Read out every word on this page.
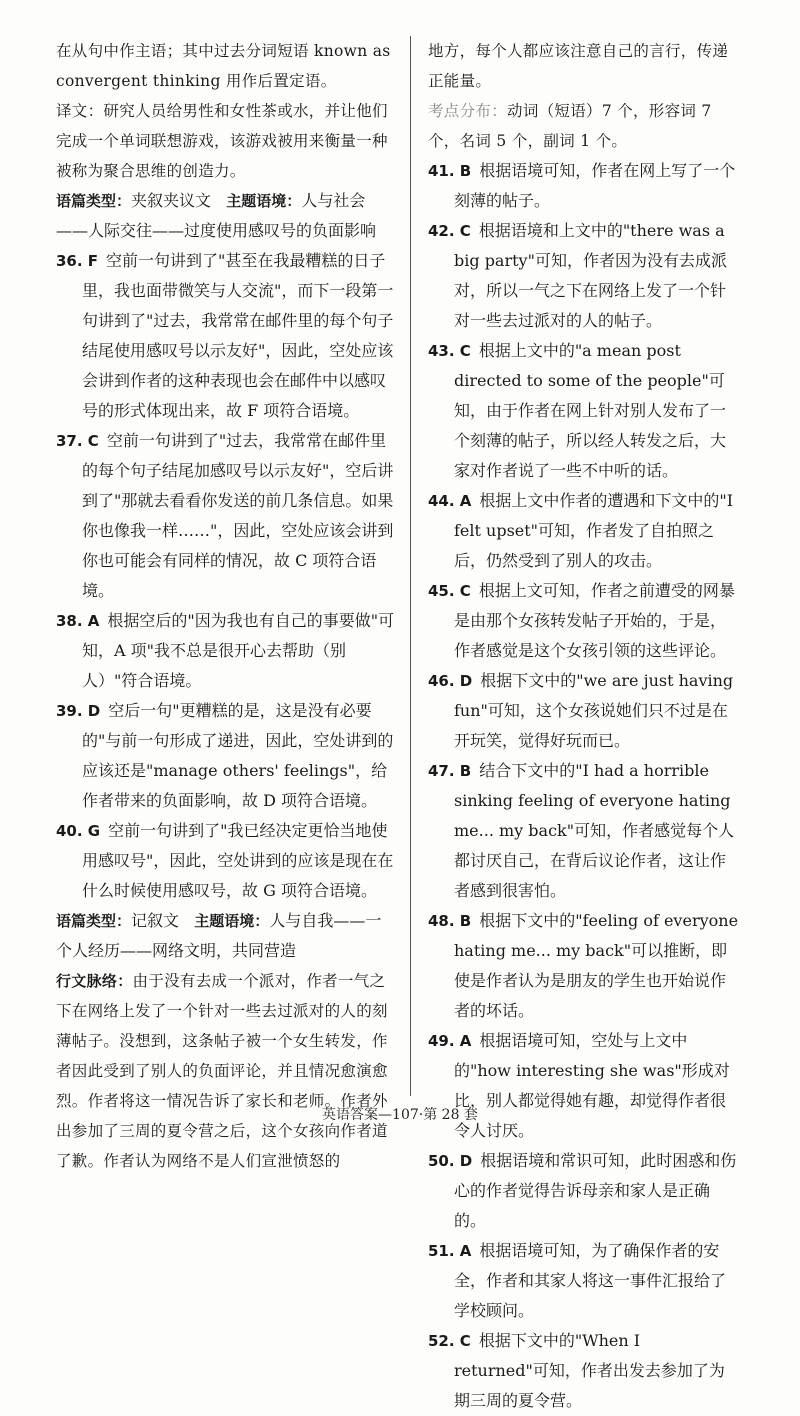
在从句中作主语；其中过去分词短语 known as convergent thinking 用作后置定语。

译文：研究人员给男性和女性茶或水，并让他们完成一个单词联想游戏，该游戏被用来衡量一种被称为聚合思维的创造力。

语篇类型：夹叙夹议文 主题语境：人与社会——人际交往——过度使用感叹号的负面影响

36. F 空前一句讲到了"甚至在我最糟糕的日子里，我也面带微笑与人交流"，而下一段第一句讲到了"过去，我常常在邮件里的每个句子结尾使用感叹号以示友好"，因此，空处应该会讲到作者的这种表现也会在邮件中以感叹号的形式体现出来，故 F 项符合语境。

37. C 空前一句讲到了"过去，我常常在邮件里的每个句子结尾加感叹号以示友好"，空后讲到了"那就去看看你发送的前几条信息。如果你也像我一样……"，因此，空处应该会讲到你也可能会有同样的情况，故 C 项符合语境。

38. A 根据空后的"因为我也有自己的事要做"可知，A 项"我不总是很开心去帮助（别人）"符合语境。

39. D 空后一句"更糟糕的是，这是没有必要的"与前一句形成了递进，因此，空处讲到的应该还是"manage others' feelings"，给作者带来的负面影响，故 D 项符合语境。

40. G 空前一句讲到了"我已经决定更恰当地使用感叹号"，因此，空处讲到的应该是现在在什么时候使用感叹号，故 G 项符合语境。

语篇类型：记叙文 主题语境：人与自我——一个人经历——网络文明，共同营造

行文脉络：由于没有去成一个派对，作者一气之下在网络上发了一个针对一些去过派对的人的刻薄帖子。没想到，这条帖子被一个女生转发，作者因此受到了别人的负面评论，并且情况愈演愈烈。作者将这一情况告诉了家长和老师。作者外出参加了三周的夏令营之后，这个女孩向作者道了歉。作者认为网络不是人们宣泄愤怒的

地方，每个人都应该注意自己的言行，传递正能量。

考点分布：动词（短语）7 个，形容词 7 个，名词 5 个，副词 1 个。

41. B 根据语境可知，作者在网上写了一个刻薄的帖子。

42. C 根据语境和上文中的"there was a big party"可知，作者因为没有去成派对，所以一气之下在网络上发了一个针对一些去过派对的人的帖子。

43. C 根据上文中的"a mean post directed to some of the people"可知，由于作者在网上针对别人发布了一个刻薄的帖子，所以经人转发之后，大家对作者说了一些不中听的话。

44. A 根据上文中作者的遭遇和下文中的"I felt upset"可知，作者发了自拍照之后，仍然受到了别人的攻击。

45. C 根据上文可知，作者之前遭受的网暴是由那个女孩转发帖子开始的，于是，作者感觉是这个女孩引领的这些评论。

46. D 根据下文中的"we are just having fun"可知，这个女孩说她们只不过是在开玩笑，觉得好玩而已。

47. B 结合下文中的"I had a horrible sinking feeling of everyone hating me... my back"可知，作者感觉每个人都讨厌自己，在背后议论作者，这让作者感到很害怕。

48. B 根据下文中的"feeling of everyone hating me... my back"可以推断，即使是作者认为是朋友的学生也开始说作者的坏话。

49. A 根据语境可知，空处与上文中的"how interesting she was"形成对比，别人都觉得她有趣，却觉得作者很令人讨厌。

50. D 根据语境和常识可知，此时困惑和伤心的作者觉得告诉母亲和家人是正确的。

51. A 根据语境可知，为了确保作者的安全，作者和其家人将这一事件汇报给了学校顾问。

52. C 根据下文中的"When I returned"可知，作者出发去参加了为期三周的夏令营。

英语答案—107·第 28 套
